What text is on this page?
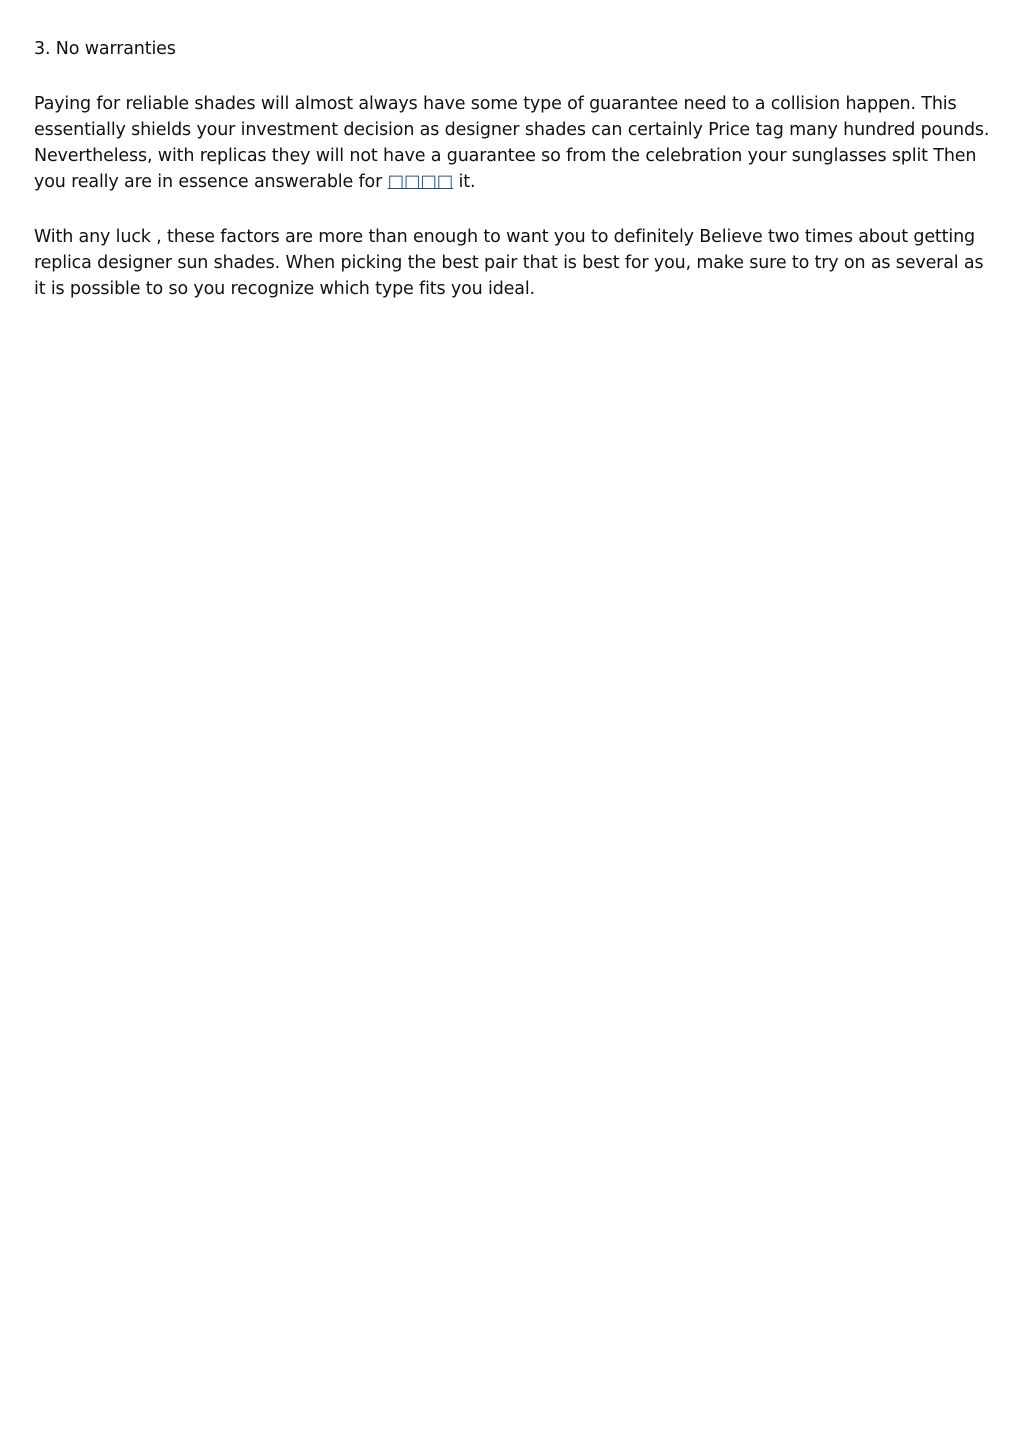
3. No warranties

Paying for reliable shades will almost always have some type of guarantee need to a collision happen. This essentially shields your investment decision as designer shades can certainly Price tag many hundred pounds. Nevertheless, with replicas they will not have a guarantee so from the celebration your sunglasses split Then you really are in essence answerable for □□□□ it.

With any luck , these factors are more than enough to want you to definitely Believe two times about getting replica designer sun shades. When picking the best pair that is best for you, make sure to try on as several as it is possible to so you recognize which type fits you ideal.
